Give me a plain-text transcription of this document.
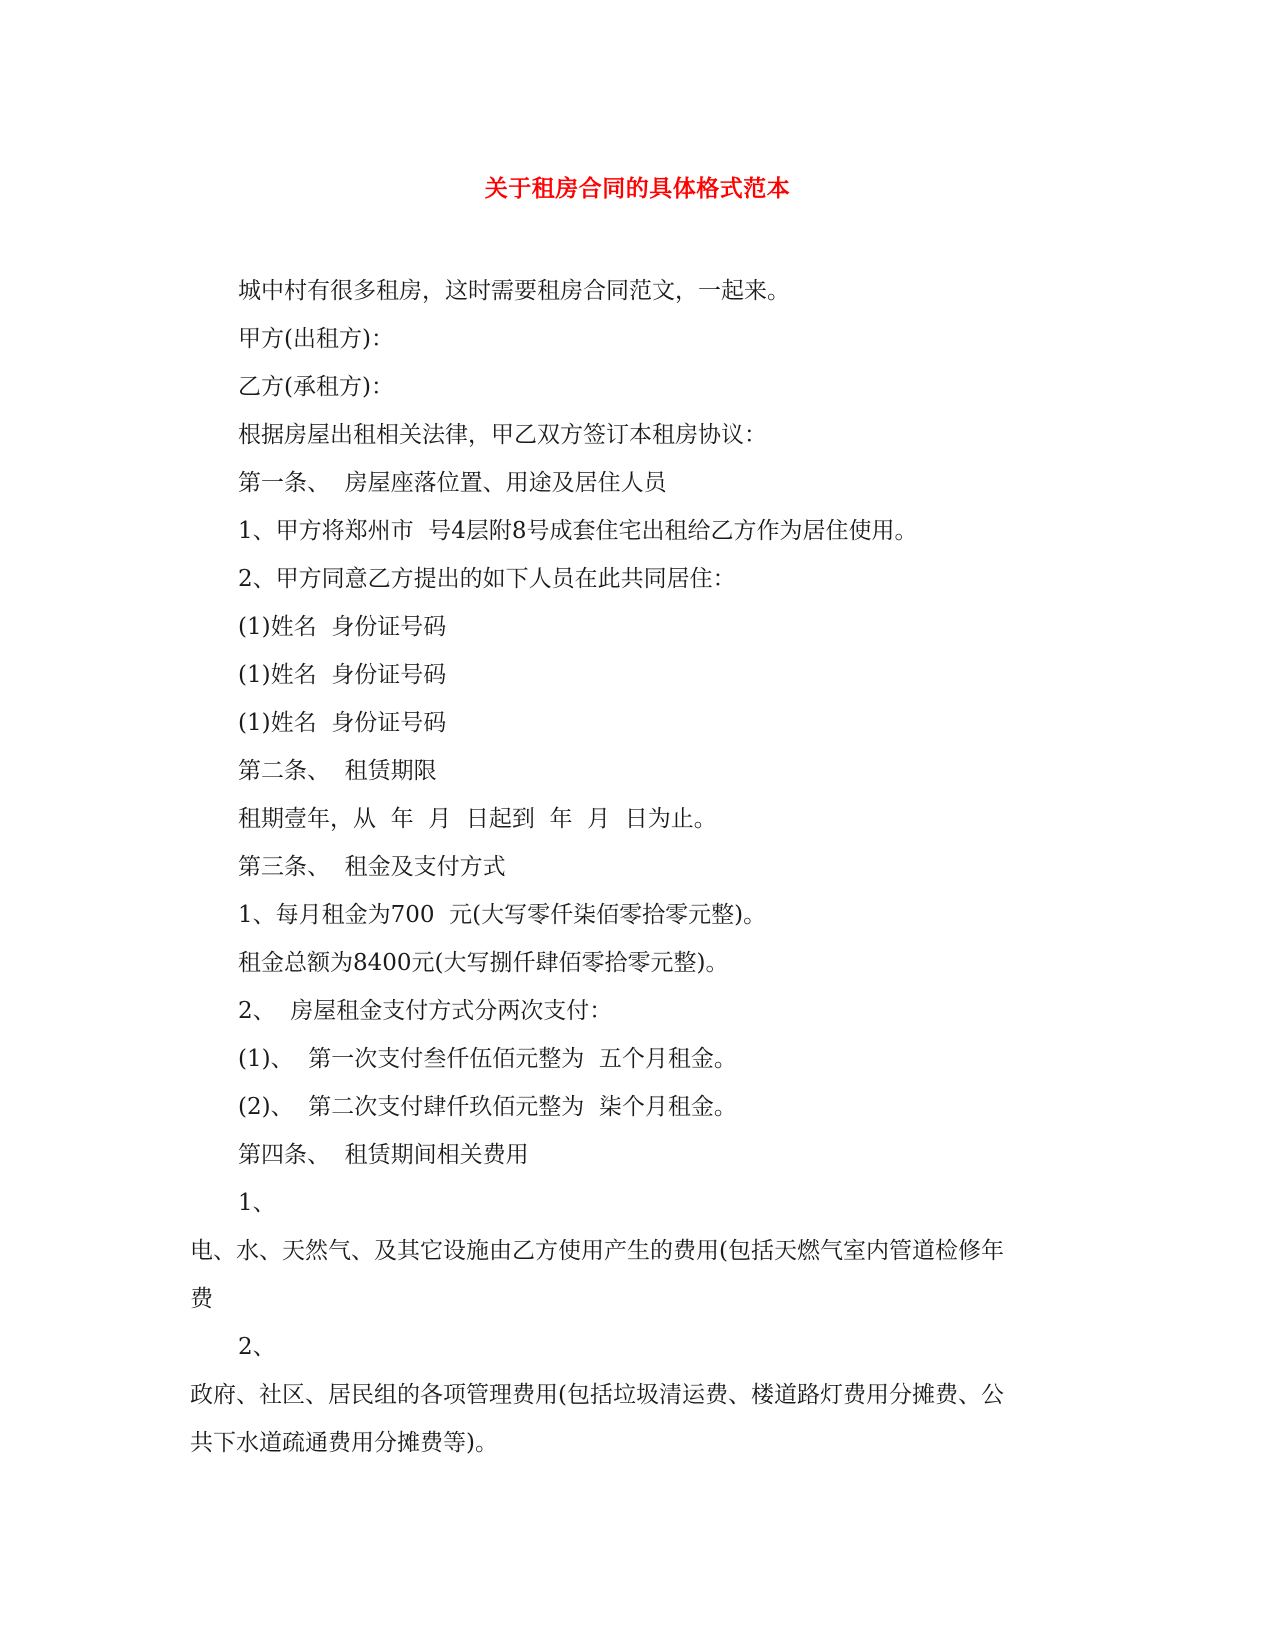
关于租房合同的具体格式范本

城中村有很多租房，这时需要租房合同范文，一起来。

甲方(出租方)：

乙方(承租方)：

根据房屋出租相关法律，甲乙双方签订本租房协议：

第一条、  房屋座落位置、用途及居住人员

1、甲方将郑州市  号4层附8号成套住宅出租给乙方作为居住使用。

2、甲方同意乙方提出的如下人员在此共同居住：

(1)姓名  身份证号码

(1)姓名  身份证号码

(1)姓名  身份证号码

第二条、  租赁期限

租期壹年，从  年  月  日起到  年  月  日为止。

第三条、  租金及支付方式

1、每月租金为700  元(大写零仟柒佰零拾零元整)。

租金总额为8400元(大写捌仟肆佰零拾零元整)。

2、  房屋租金支付方式分两次支付：

(1)、  第一次支付叁仟伍佰元整为  五个月租金。

(2)、  第二次支付肆仟玖佰元整为  柒个月租金。

第四条、  租赁期间相关费用

1、

电、水、天然气、及其它设施由乙方使用产生的费用(包括天燃气室内管道检修年

费

2、

政府、社区、居民组的各项管理费用(包括垃圾清运费、楼道路灯费用分摊费、公

共下水道疏通费用分摊费等)。
